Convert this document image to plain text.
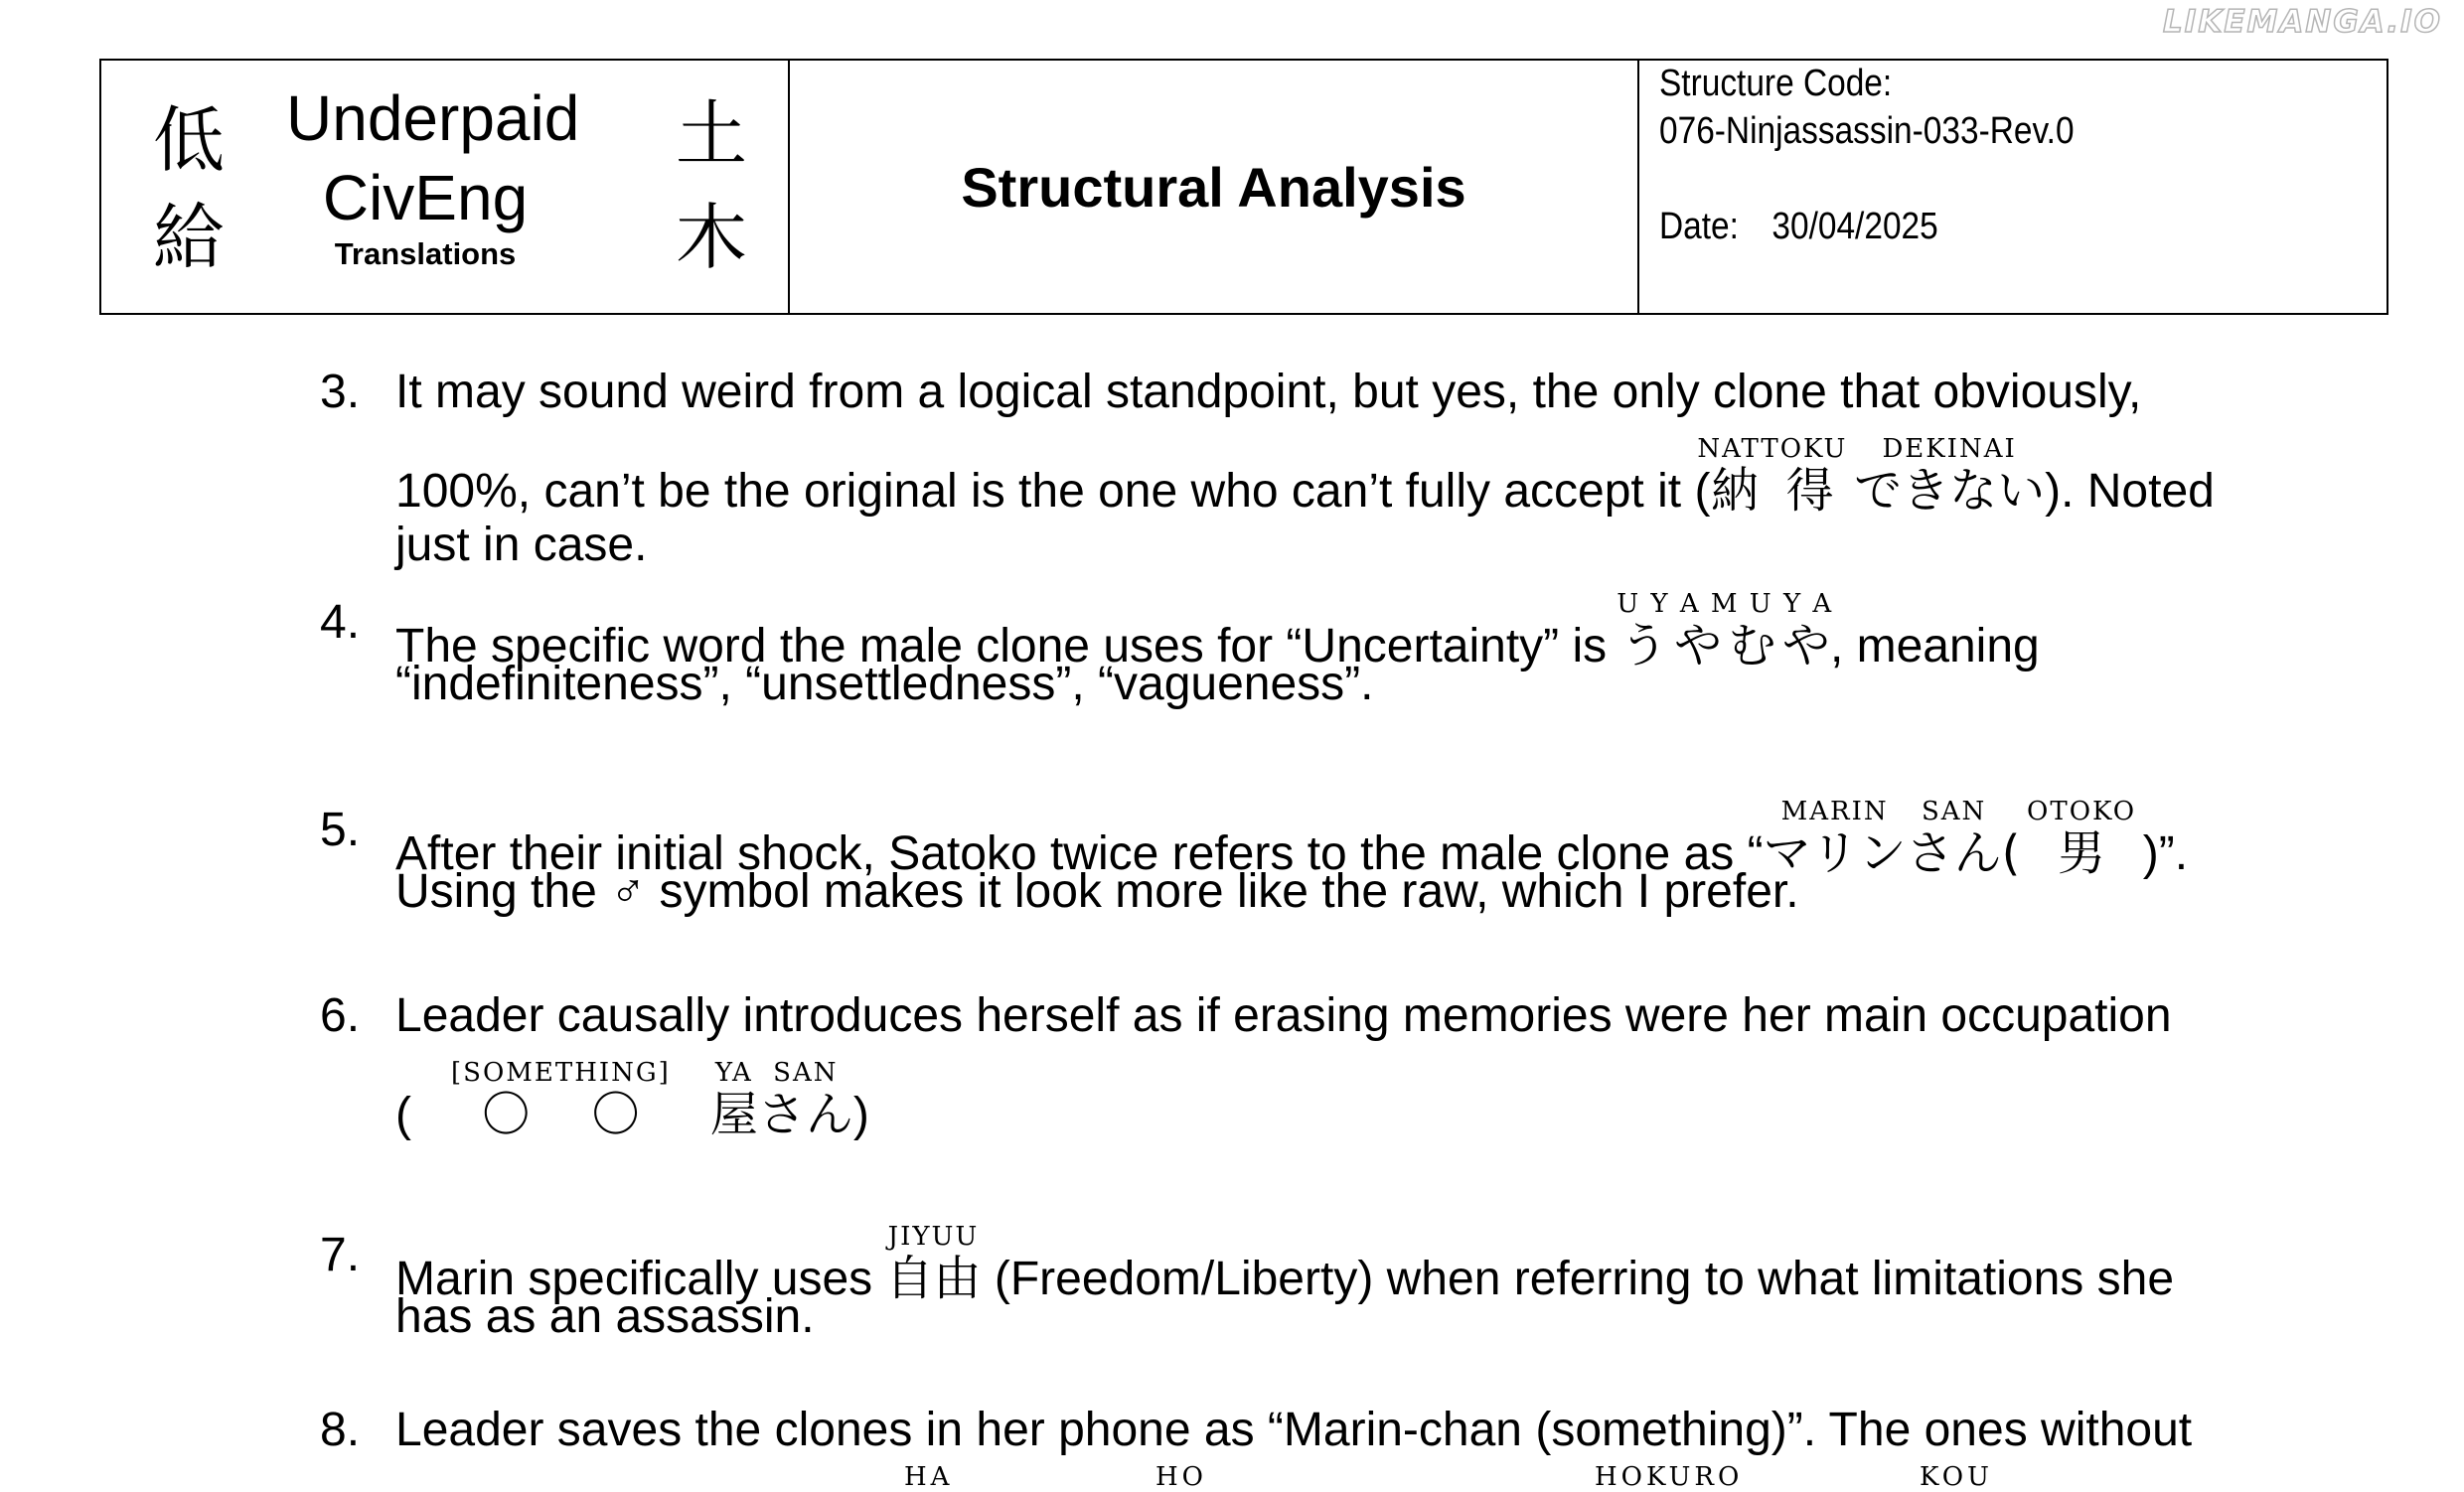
LIKEMANGA.IO
低
給
土
木
Underpaid
CivEng
Translations
Structural Analysis
Structure Code:
076-Ninjassassin-033-Rev.0
Date: 30/04/2025
3. It may sound weird from a logical standpoint, but yes, the only clone that obviously,
100%, can’t be the original is the one who can’t fully accept it (納得NATTOKU できないDEKINAI). Noted
just in case.
4. The specific word the male clone uses for “Uncertainty” is うやむやU Y A M U Y A, meaning
“indefiniteness”, “unsettledness”, “vagueness”.
5. After their initial shock, Satoko twice refers to the male clone as “マリンMARINさんSAN( 男OTOKO )”.
Using the ♂ symbol makes it look more like the raw, which I prefer.
6. Leader causally introduces herself as if erasing memories were her main occupation
( 〇〇[SOMETHING]屋YAさんSAN)
7. Marin specifically uses 自由JIYUU (Freedom/Liberty) when referring to what limitations she
has as an assassin.
8. Leader saves the clones in her phone as “Marin-chan (something)”. The ones without
HA	HO	HOKURO	KOU
